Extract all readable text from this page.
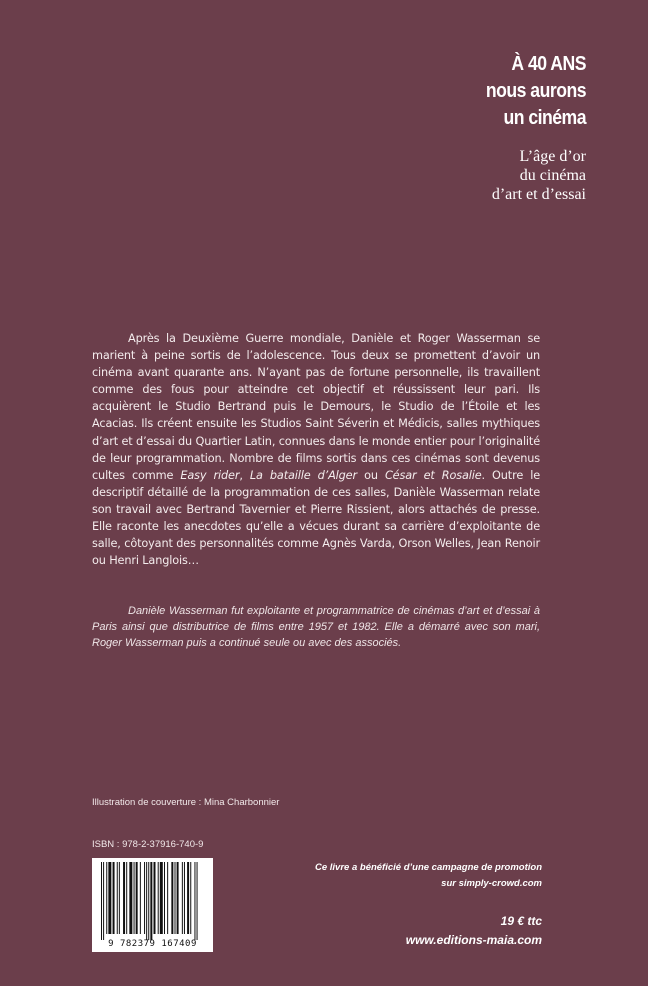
À 40 ANS
nous aurons
un cinéma
L’âge d’or
du cinéma
d’art et d’essai

Après la Deuxième Guerre mondiale, Danièle et Roger Wasserman se marient à peine sortis de l’adolescence. Tous deux se promettent d’avoir un cinéma avant quarante ans. N’ayant pas de fortune personnelle, ils travaillent comme des fous pour atteindre cet objectif et réussissent leur pari. Ils acquièrent le Studio Bertrand puis le Demours, le Studio de l’Étoile et les Acacias. Ils créent ensuite les Studios Saint Séverin et Médicis, salles mythiques d’art et d’essai du Quartier Latin, connues dans le monde entier pour l’originalité de leur programmation. Nombre de films sortis dans ces cinémas sont devenus cultes comme Easy rider, La bataille d’Alger ou César et Rosalie. Outre le descriptif détaillé de la programmation de ces salles, Danièle Wasserman relate son travail avec Bertrand Tavernier et Pierre Rissient, alors attachés de presse. Elle raconte les anecdotes qu’elle a vécues durant sa carrière d’exploitante de salle, côtoyant des personnalités comme Agnès Varda, Orson Welles, Jean Renoir ou Henri Langlois…

Danièle Wasserman fut exploitante et programmatrice de cinémas d’art et d’essai à Paris ainsi que distributrice de films entre 1957 et 1982. Elle a démarré avec son mari, Roger Wasserman puis a continué seule ou avec des associés.

Illustration de couverture : Mina Charbonnier
ISBN : 978-2-37916-740-9
9 782379 167409
Ce livre a bénéficié d’une campagne de promotion
sur simply-crowd.com
19 € ttc
www.editions-maia.com
